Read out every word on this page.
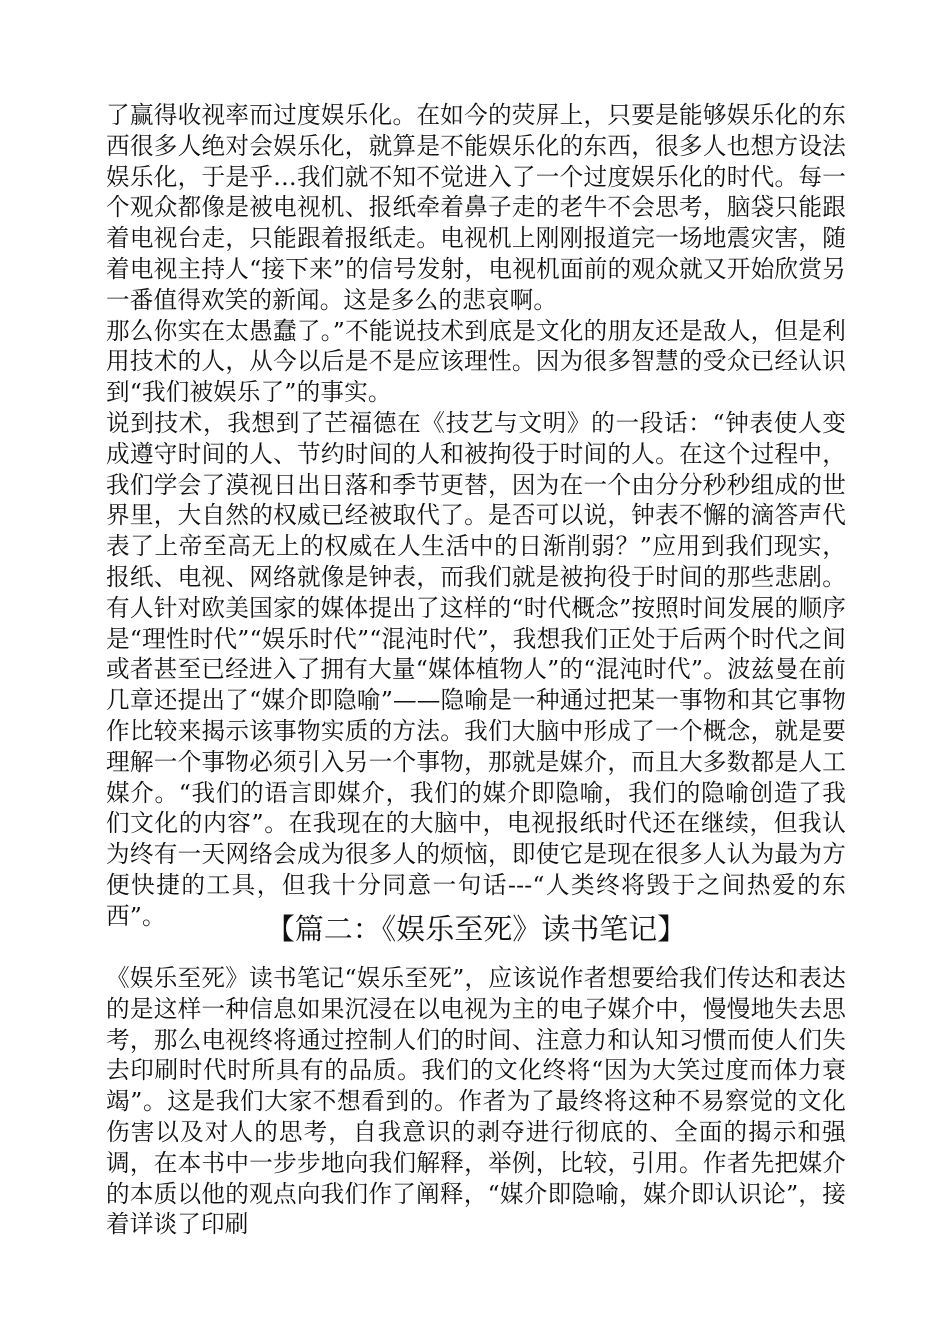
了赢得收视率而过度娱乐化。在如今的荧屏上，只要是能够娱乐化的东西很多人绝对会娱乐化，就算是不能娱乐化的东西，很多人也想方设法娱乐化，于是乎…我们就不知不觉进入了一个过度娱乐化的时代。每一个观众都像是被电视机、报纸牵着鼻子走的老牛不会思考，脑袋只能跟着电视台走，只能跟着报纸走。电视机上刚刚报道完一场地震灾害，随着电视主持人“接下来”的信号发射，电视机面前的观众就又开始欣赏另一番值得欢笑的新闻。这是多么的悲哀啊。

那么你实在太愚蠢了。”不能说技术到底是文化的朋友还是敌人，但是利用技术的人，从今以后是不是应该理性。因为很多智慧的受众已经认识到“我们被娱乐了”的事实。

说到技术，我想到了芒福德在《技艺与文明》的一段话：“钟表使人变成遵守时间的人、节约时间的人和被拘役于时间的人。在这个过程中，我们学会了漠视日出日落和季节更替，因为在一个由分分秒秒组成的世界里，大自然的权威已经被取代了。是否可以说，钟表不懈的滴答声代表了上帝至高无上的权威在人生活中的日渐削弱？”应用到我们现实，报纸、电视、网络就像是钟表，而我们就是被拘役于时间的那些悲剧。有人针对欧美国家的媒体提出了这样的“时代概念”按照时间发展的顺序是“理性时代”“娱乐时代”“混沌时代”，我想我们正处于后两个时代之间或者甚至已经进入了拥有大量“媒体植物人”的“混沌时代”。波兹曼在前几章还提出了“媒介即隐喻”——隐喻是一种通过把某一事物和其它事物作比较来揭示该事物实质的方法。我们大脑中形成了一个概念，就是要理解一个事物必须引入另一个事物，那就是媒介，而且大多数都是人工媒介。“我们的语言即媒介，我们的媒介即隐喻，我们的隐喻创造了我们文化的内容”。在我现在的大脑中，电视报纸时代还在继续，但我认为终有一天网络会成为很多人的烦恼，即使它是现在很多人认为最为方便快捷的工具，但我十分同意一句话---“人类终将毁于之间热爱的东西”。	【篇二：《娱乐至死》读书笔记】

《娱乐至死》读书笔记“娱乐至死”，应该说作者想要给我们传达和表达的是这样一种信息如果沉浸在以电视为主的电子媒介中，慢慢地失去思考，那么电视终将通过控制人们的时间、注意力和认知习惯而使人们失去印刷时代时所具有的品质。我们的文化终将“因为大笑过度而体力衰竭”。这是我们大家不想看到的。作者为了最终将这种不易察觉的文化伤害以及对人的思考，自我意识的剥夺进行彻底的、全面的揭示和强调，在本书中一步步地向我们解释，举例，比较，引用。作者先把媒介的本质以他的观点向我们作了阐释，“媒介即隐喻，媒介即认识论”，接着详谈了印刷
